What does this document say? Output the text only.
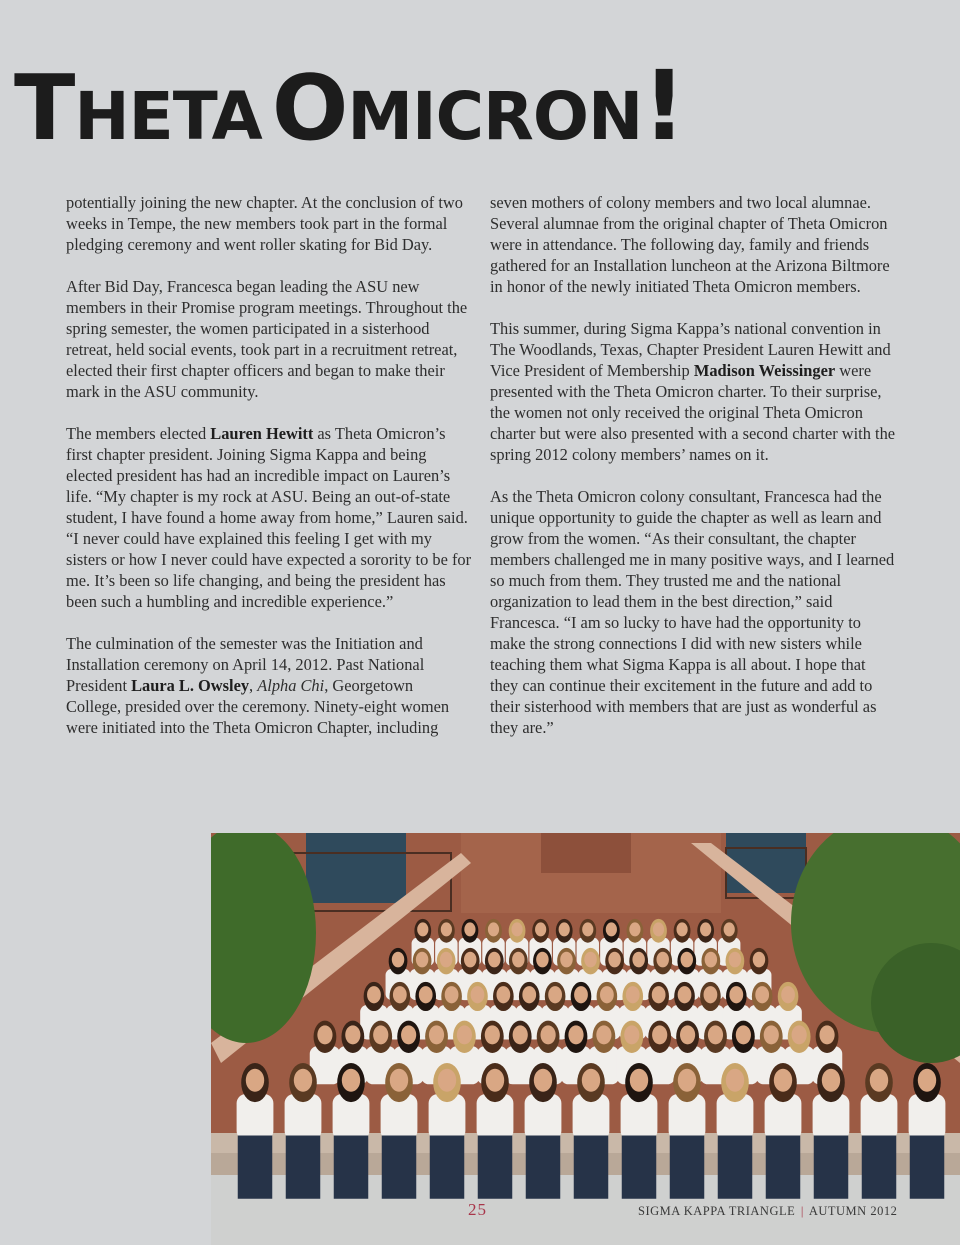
THETA OMICRON!

potentially joining the new chapter. At the conclusion of two weeks in Tempe, the new members took part in the formal pledging ceremony and went roller skating for Bid Day.

After Bid Day, Francesca began leading the ASU new members in their Promise program meetings. Throughout the spring semester, the women participated in a sisterhood retreat, held social events, took part in a recruitment retreat, elected their first chapter officers and began to make their mark in the ASU community.

The members elected Lauren Hewitt as Theta Omicron’s first chapter president. Joining Sigma Kappa and being elected president has had an incredible impact on Lauren’s life. “My chapter is my rock at ASU. Being an out-of-state student, I have found a home away from home,” Lauren said. “I never could have explained this feeling I get with my sisters or how I never could have expected a sorority to be for me. It’s been so life changing, and being the president has been such a humbling and incredible experience.”

The culmination of the semester was the Initiation and Installation ceremony on April 14, 2012. Past National President Laura L. Owsley, Alpha Chi, Georgetown College, presided over the ceremony. Ninety-eight women were initiated into the Theta Omicron Chapter, including

seven mothers of colony members and two local alumnae. Several alumnae from the original chapter of Theta Omicron were in attendance. The following day, family and friends gathered for an Installation luncheon at the Arizona Biltmore in honor of the newly initiated Theta Omicron members.

This summer, during Sigma Kappa’s national convention in The Woodlands, Texas, Chapter President Lauren Hewitt and Vice President of Membership Madison Weissinger were presented with the Theta Omicron charter. To their surprise, the women not only received the original Theta Omicron charter but were also presented with a second charter with the spring 2012 colony members’ names on it.

As the Theta Omicron colony consultant, Francesca had the unique opportunity to guide the chapter as well as learn and grow from the women. “As their consultant, the chapter members challenged me in many positive ways, and I learned so much from them. They trusted me and the national organization to lead them in the best direction,” said Francesca. “I am so lucky to have had the opportunity to make the strong connections I did with new sisters while teaching them what Sigma Kappa is all about. I hope that they can continue their excitement in the future and add to their sisterhood with members that are just as wonderful as they are.”

25	SIGMA KAPPA TRIANGLE | AUTUMN 2012
